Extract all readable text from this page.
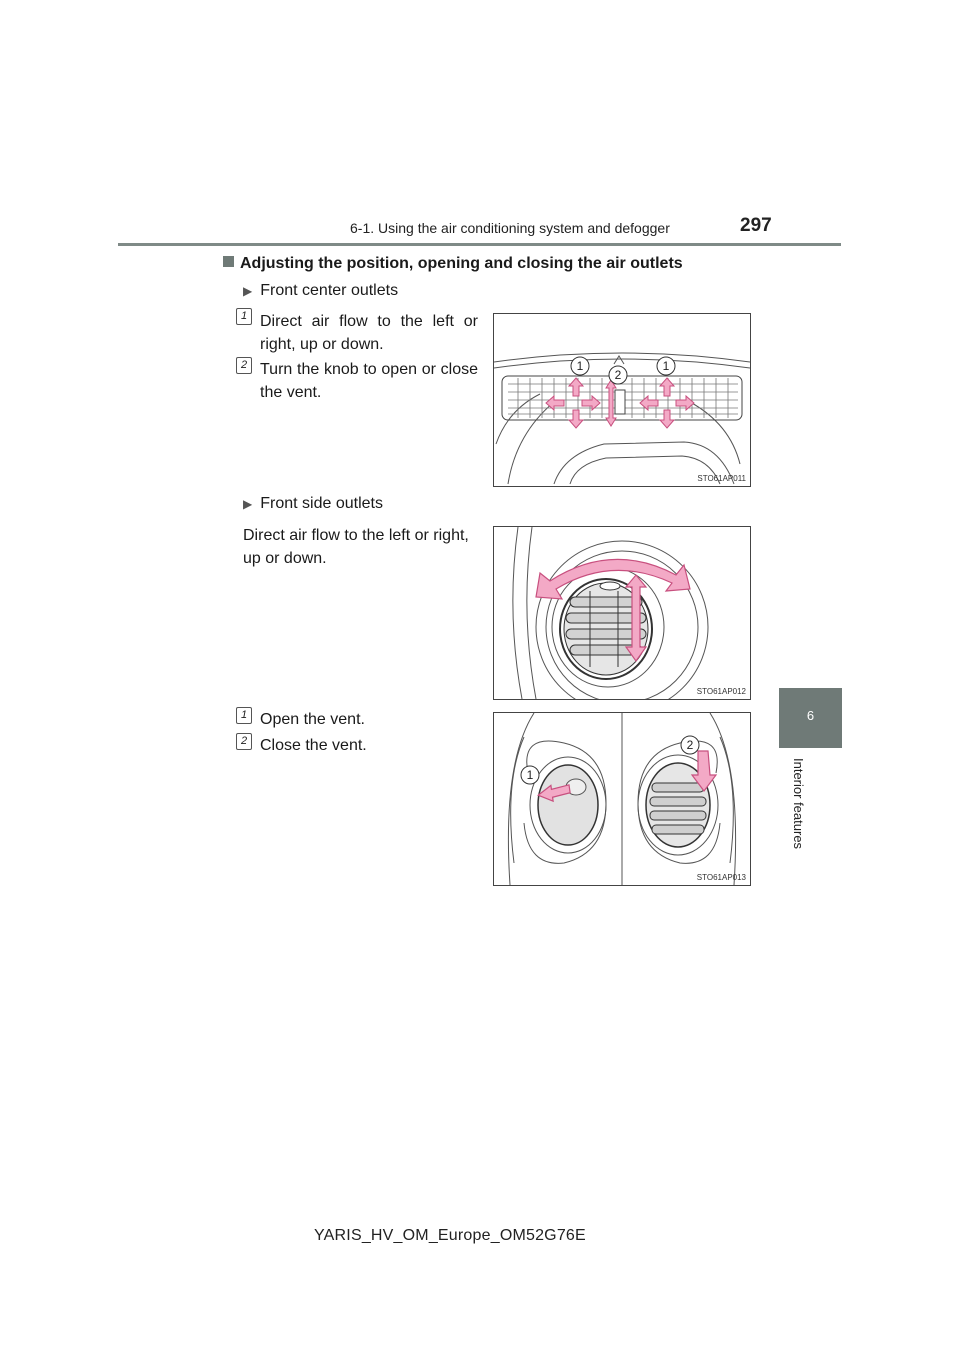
6-1. Using the air conditioning system and defogger	297
6
Interior features
Adjusting the position, opening and closing the air outlets
▶ Front center outlets
1 Direct air flow to the left or right, up or down.
2 Turn the knob to open or close the vent.
1
2
1
STO61AP011
▶ Front side outlets
Direct air flow to the left or right, up or down.
STO61AP012
1 Open the vent.
2 Close the vent.
1
2
STO61AP013
YARIS_HV_OM_Europe_OM52G76E
